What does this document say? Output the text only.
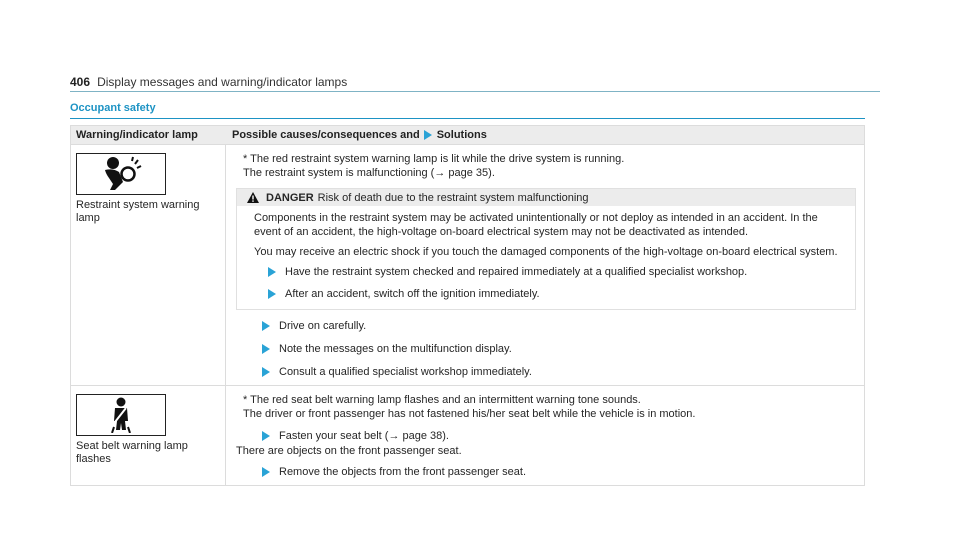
406 Display messages and warning/indicator lamps
Occupant safety
Warning/indicator lamp	Possible causes/consequences and Solutions
Restraint system warning lamp
* The red restraint system warning lamp is lit while the drive system is running.
The restraint system is malfunctioning (→ page 35).
DANGER Risk of death due to the restraint system malfunctioning

Components in the restraint system may be activated unintentionally or not deploy as intended in an accident. In the event of an accident, the high-voltage on-board electrical system may not be deactivated as intended.

You may receive an electric shock if you touch the damaged components of the high-voltage on-board electrical system.

Have the restraint system checked and repaired immediately at a qualified specialist workshop.
After an accident, switch off the ignition immediately.
Drive on carefully.
Note the messages on the multifunction display.
Consult a qualified specialist workshop immediately.
Seat belt warning lamp flashes
* The red seat belt warning lamp flashes and an intermittent warning tone sounds.
The driver or front passenger has not fastened his/her seat belt while the vehicle is in motion.
Fasten your seat belt (→ page 38).
There are objects on the front passenger seat.
Remove the objects from the front passenger seat.
